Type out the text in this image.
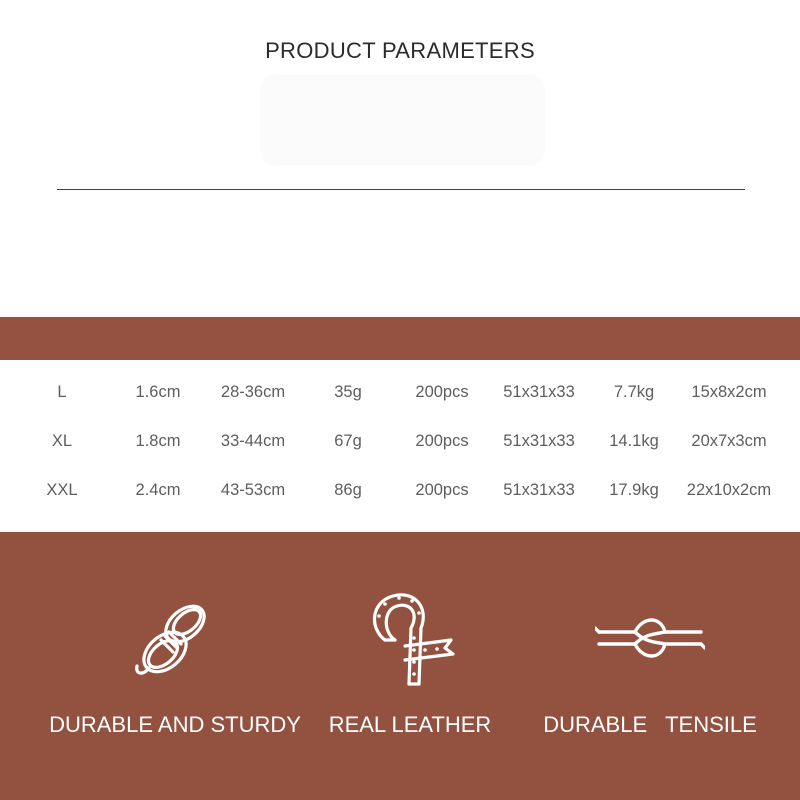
PRODUCT PARAMETERS
L	1.6cm 28-36cm	35g	200pcs 51x31x33 7.7kg 15x8x2cm
XL	1.8cm 33-44cm	67g	200pcs 51x31x33 14.1kg 20x7x3cm
XXL	2.4cm 43-53cm	86g	200pcs 51x31x33 17.9kg 22x10x2cm
DURABLE AND STURDY	REAL LEATHER	DURABLE   TENSILE
